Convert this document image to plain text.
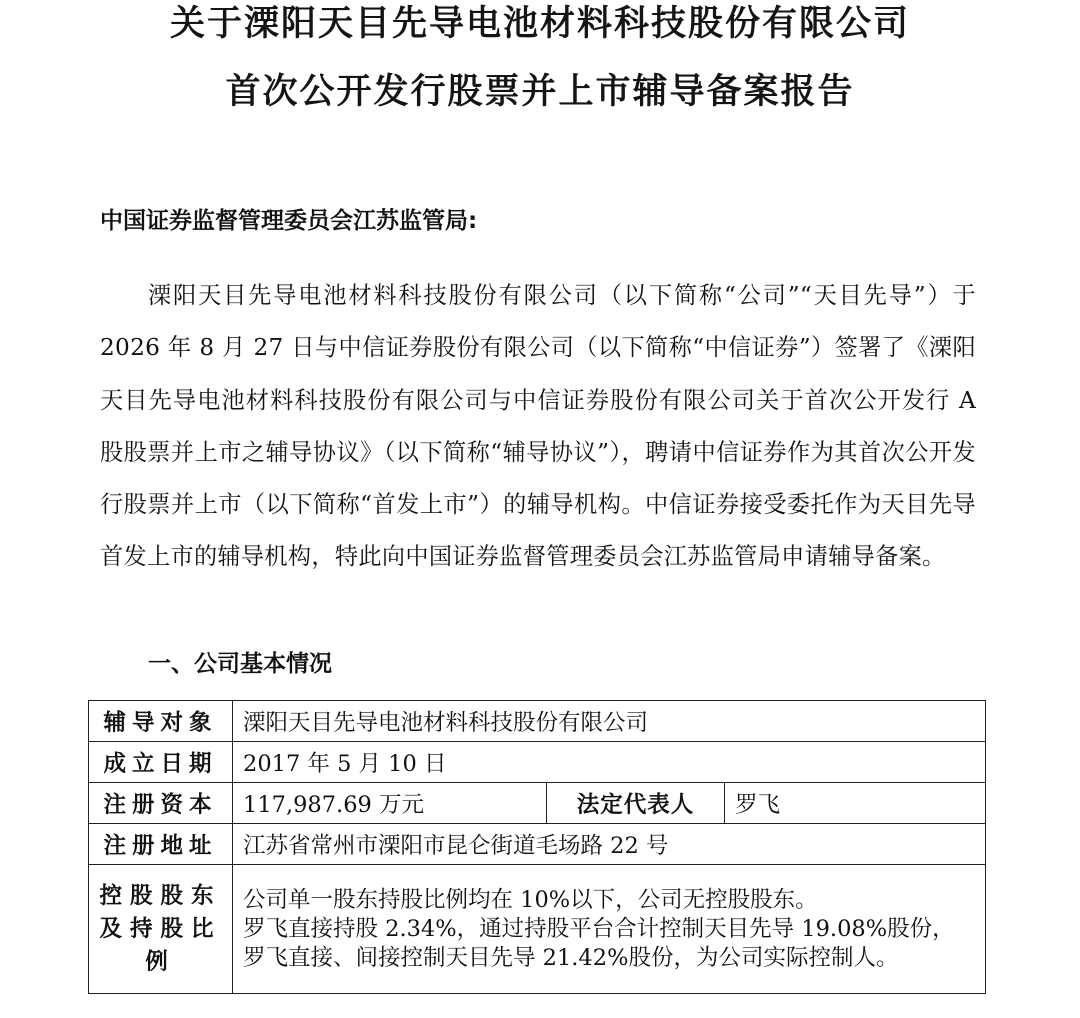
关于溧阳天目先导电池材料科技股份有限公司
首次公开发行股票并上市辅导备案报告
中国证券监督管理委员会江苏监管局:

溧阳天目先导电池材料科技股份有限公司（以下简称“公司”“天目先导”）于2026 年 8 月 27 日与中信证券股份有限公司（以下简称“中信证券”）签署了《溧阳天目先导电池材料科技股份有限公司与中信证券股份有限公司关于首次公开发行 A 股股票并上市之辅导协议》（以下简称“辅导协议”），聘请中信证券作为其首次公开发行股票并上市（以下简称“首发上市”）的辅导机构。中信证券接受委托作为天目先导首发上市的辅导机构，特此向中国证券监督管理委员会江苏监管局申请辅导备案。

一、公司基本情况
辅导对象	溧阳天目先导电池材料科技股份有限公司		
成立日期	2017 年 5 月 10 日		
注册资本	117,987.69 万元	法定代表人	罗飞
注册地址	江苏省常州市溧阳市昆仑街道毛场路 22 号		
控股股东及持股比例	公司单一股东持股比例均在 10%以下，公司无控股股东。
罗飞直接持股 2.34%，通过持股平台合计控制天目先导 19.08%股份，罗飞直接、间接控制天目先导 21.42%股份，为公司实际控制人。		
